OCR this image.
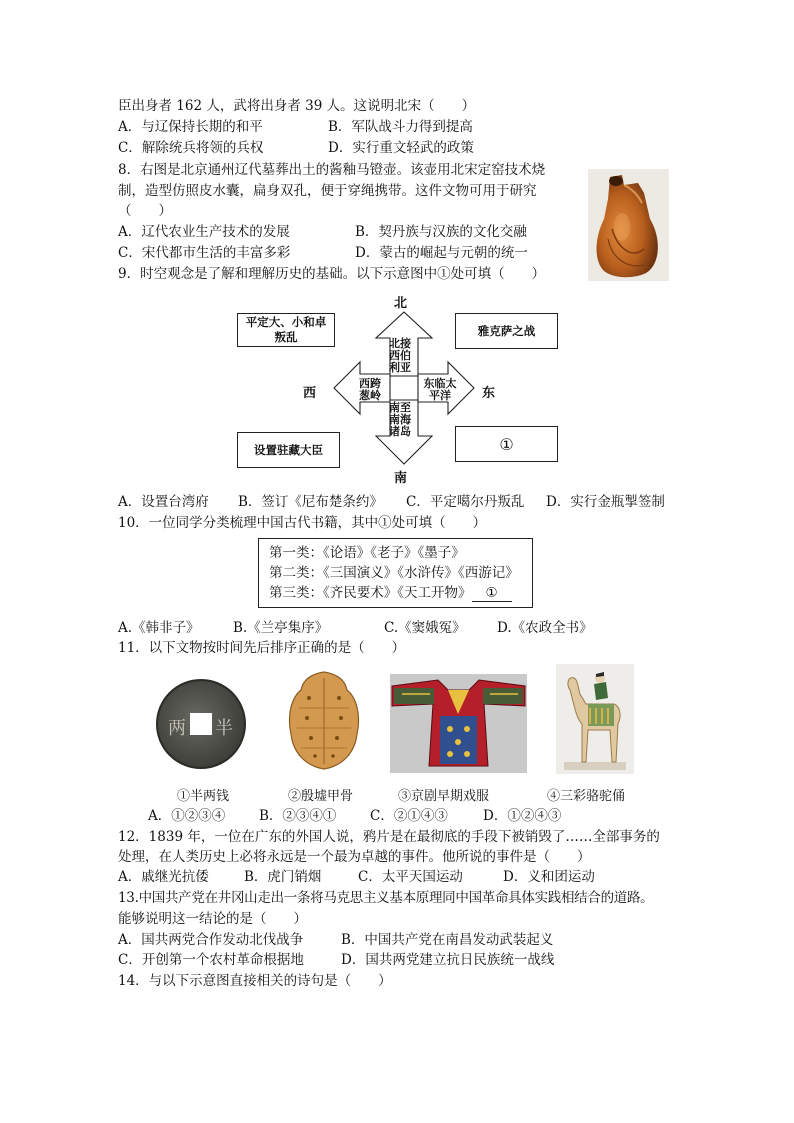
臣出身者 162 人，武将出身者 39 人。这说明北宋（　　）
A．与辽保持长期的和平	B．军队战斗力得到提高
C．解除统兵将领的兵权	D．实行重文轻武的政策
8．右图是北京通州辽代墓葬出土的酱釉马镫壶。该壶用北宋定窑技术烧
制，造型仿照皮水囊，扁身双孔，便于穿绳携带。这件文物可用于研究
（　　）
A．辽代农业生产技术的发展	B．契丹族与汉族的文化交融
C．宋代都市生活的丰富多彩	D．蒙古的崛起与元朝的统一
9．时空观念是了解和理解历史的基础。以下示意图中①处可填（　　）
北
南
西	东
北接西伯利亚
南至南海诸岛
西跨葱岭
东临太平洋
平定大、小和卓叛乱	雅克萨之战
设置驻藏大臣	①
A．设置台湾府 B．签订《尼布楚条约》 C．平定噶尔丹叛乱 D．实行金瓶掣签制
10．一位同学分类梳理中国古代书籍，其中①处可填（　　）
第一类：《论语》《老子》《墨子》
第二类：《三国演义》《水浒传》《西游记》
第三类：《齐民要术》《天工开物》 ①
A.《韩非子》 B.《兰亭集序》	C.《窦娥冤》 D.《农政全书》
11．以下文物按时间先后排序正确的是（　　）
两 半
①半两钱	②殷墟甲骨	③京剧早期戏服	④三彩骆驼俑
A．①②③④	B．②③④① C．②①④③	D．①②④③
12．1839 年，一位在广东的外国人说，鸦片是在最彻底的手段下被销毁了……全部事务的
处理，在人类历史上必将永远是一个最为卓越的事件。他所说的事件是（　　）
A．戚继光抗倭	B．虎门销烟	C．太平天国运动	D．义和团运动
13.中国共产党在井冈山走出一条将马克思主义基本原理同中国革命具体实践相结合的道路。
能够说明这一结论的是（　　）
A．国共两党合作发动北伐战争	B．中国共产党在南昌发动武装起义
C．开创第一个农村革命根据地	D．国共两党建立抗日民族统一战线
14．与以下示意图直接相关的诗句是（　　）
